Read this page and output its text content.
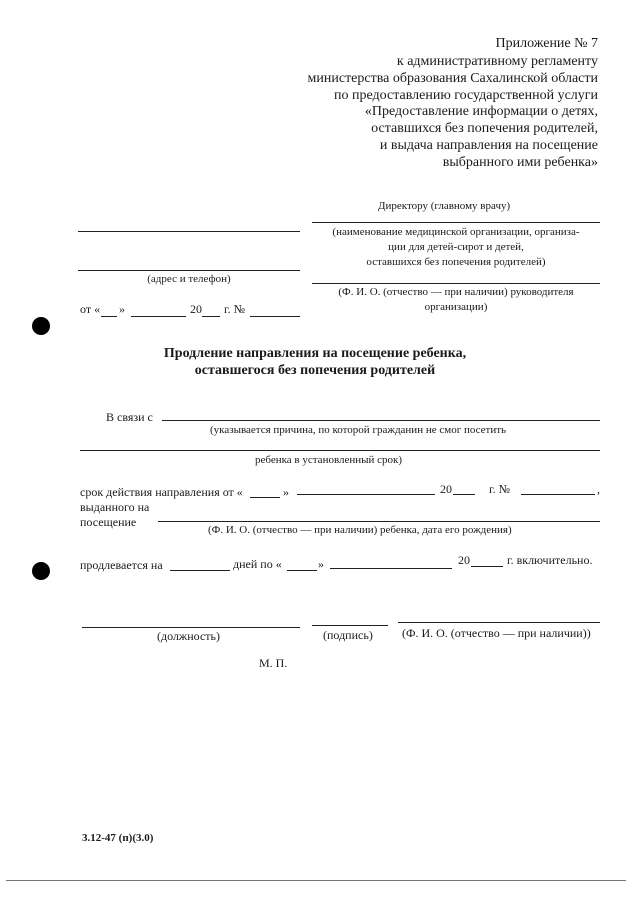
Приложение № 7
к административному регламенту
министерства образования Сахалинской области
по предоставлению государственной услуги
«Предоставление информации о детях,
оставшихся без попечения родителей,
и выдача направления на посещение
выбранного ими ребенка»
Директору (главному врачу)
(наименование медицинской организации, организа-
ции для детей-сирот и детей,
оставшихся без попечения родителей)
(адрес и телефон)
(Ф. И. О. (отчество — при наличии) руководителя
организации)
от « »	20 г. №
Продление направления на посещение ребенка,
оставшегося без попечения родителей
В связи с
(указывается причина, по которой гражданин не смог посетить
ребенка в установленный срок)
срок действия направления от «	»	20	г. №	,
выданного на
посещение
(Ф. И. О. (отчество — при наличии) ребенка, дата его рождения)
продлевается на	дней по «	»	20	г. включительно.
(должность)	(подпись) (Ф. И. О. (отчество — при наличии))
М. П.
3.12-47 (п)(3.0)
